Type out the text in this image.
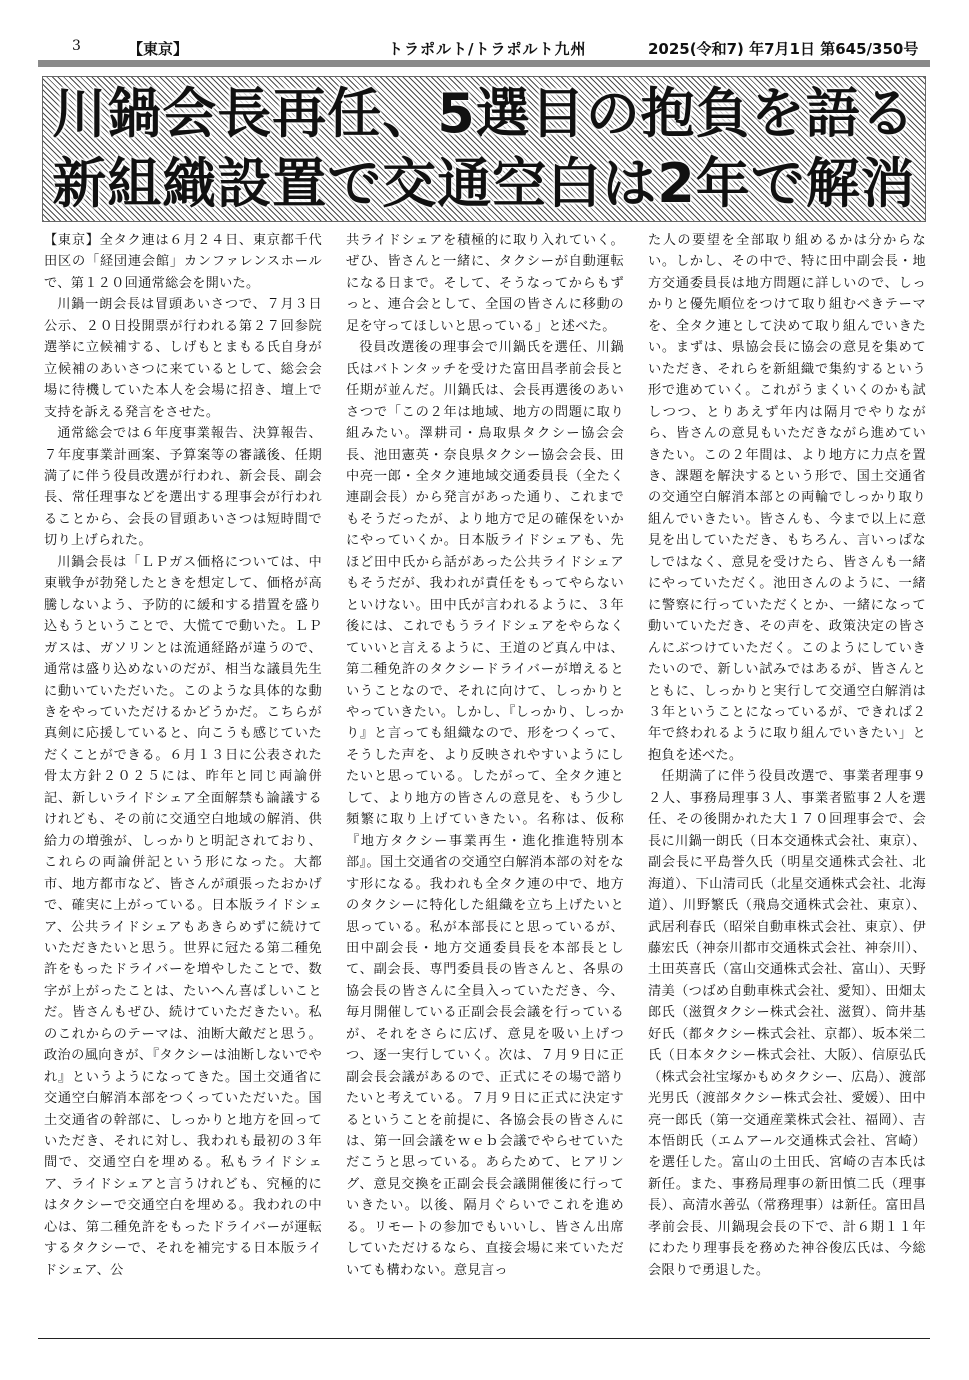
3	【東京】	トラポルト/トラポルト九州	2025(令和7) 年7月1日 第645/350号
川鍋会長再任、5選目の抱負を語る
新組織設置で交通空白は2年で解消

【東京】全タク連は６月２４日、東京都千代田区の「経団連会館」カンファレンスホールで、第１２０回通常総会を開いた。

川鍋一朗会長は冒頭あいさつで、７月３日公示、２０日投開票が行われる第２７回参院選挙に立候補する、しげもとまもる氏自身が立候補のあいさつに来ているとして、総会会場に待機していた本人を会場に招き、壇上で支持を訴える発言をさせた。

通常総会では６年度事業報告、決算報告、７年度事業計画案、予算案等の審議後、任期満了に伴う役員改選が行われ、新会長、副会長、常任理事などを選出する理事会が行われることから、会長の冒頭あいさつは短時間で切り上げられた。

川鍋会長は「ＬＰガス価格については、中東戦争が勃発したときを想定して、価格が高騰しないよう、予防的に緩和する措置を盛り込もうということで、大慌てで動いた。ＬＰガスは、ガソリンとは流通経路が違うので、通常は盛り込めないのだが、相当な議員先生に動いていただいた。このような具体的な動きをやっていただけるかどうかだ。こちらが真剣に応援していると、向こうも感じていただくことができる。６月１３日に公表された骨太方針２０２５には、昨年と同じ両論併記、新しいライドシェア全面解禁も論議するけれども、その前に交通空白地域の解消、供給力の増強が、しっかりと明記されており、これらの両論併記という形になった。大都市、地方都市など、皆さんが頑張ったおかげで、確実に上がっている。日本版ライドシェア、公共ライドシェアもあきらめずに続けていただきたいと思う。世界に冠たる第二種免許をもったドライバーを増やしたことで、数字が上がったことは、たいへん喜ばしいことだ。皆さんもぜひ、続けていただきたい。私のこれからのテーマは、油断大敵だと思う。政治の風向きが、『タクシーは油断しないでやれ』というようになってきた。国土交通省に交通空白解消本部をつくっていただいた。国土交通省の幹部に、しっかりと地方を回っていただき、それに対し、我われも最初の３年間で、交通空白を埋める。私もライドシェア、ライドシェアと言うけれども、究極的にはタクシーで交通空白を埋める。我われの中心は、第二種免許をもったドライバーが運転するタクシーで、それを補完する日本版ライドシェア、公

共ライドシェアを積極的に取り入れていく。ぜひ、皆さんと一緒に、タクシーが自動運転になる日まで。そして、そうなってからもずっと、連合会として、全国の皆さんに移動の足を守ってほしいと思っている」と述べた。

役員改選後の理事会で川鍋氏を選任、川鍋氏はバトンタッチを受けた富田昌孝前会長と任期が並んだ。川鍋氏は、会長再選後のあいさつで「この２年は地域、地方の問題に取り組みたい。澤耕司・鳥取県タクシー協会会長、池田憲英・奈良県タクシー協会会長、田中亮一郎・全タク連地域交通委員長（全たく連副会長）から発言があった通り、これまでもそうだったが、より地方で足の確保をいかにやっていくか。日本版ライドシェアも、先ほど田中氏から話があった公共ライドシェアもそうだが、我われが責任をもってやらないといけない。田中氏が言われるように、３年後には、これでもうライドシェアをやらなくていいと言えるように、王道のど真ん中は、第二種免許のタクシードライバーが増えるということなので、それに向けて、しっかりとやっていきたい。しかし、『しっかり、しっかり』と言っても組織なので、形をつくって、そうした声を、より反映されやすいようにしたいと思っている。したがって、全タク連として、より地方の皆さんの意見を、もう少し頻繁に取り上げていきたい。名称は、仮称『地方タクシー事業再生・進化推進特別本部』。国土交通省の交通空白解消本部の対をなす形になる。我われも全タク連の中で、地方のタクシーに特化した組織を立ち上げたいと思っている。私が本部長にと思っているが、田中副会長・地方交通委員長を本部長として、副会長、専門委員長の皆さんと、各県の協会長の皆さんに全員入っていただき、今、毎月開催している正副会長会議を行っているが、それをさらに広げ、意見を吸い上げつつ、逐一実行していく。次は、７月９日に正副会長会議があるので、正式にその場で諮りたいと考えている。７月９日に正式に決定するということを前提に、各協会長の皆さんには、第一回会議をｗｅｂ会議でやらせていただこうと思っている。あらためて、ヒアリング、意見交換を正副会長会議開催後に行っていきたい。以後、隔月ぐらいでこれを進める。リモートの参加でもいいし、皆さん出席していただけるなら、直接会場に来ていただいても構わない。意見言っ

た人の要望を全部取り組めるかは分からない。しかし、その中で、特に田中副会長・地方交通委員長は地方問題に詳しいので、しっかりと優先順位をつけて取り組むべきテーマを、全タク連として決めて取り組んでいきたい。まずは、県協会長に協会の意見を集めていただき、それらを新組織で集約するという形で進めていく。これがうまくいくのかも試しつつ、とりあえず年内は隔月でやりながら、皆さんの意見もいただきながら進めていきたい。この２年間は、より地方に力点を置き、課題を解決するという形で、国土交通省の交通空白解消本部との両輪でしっかり取り組んでいきたい。皆さんも、今まで以上に意見を出していただき、もちろん、言いっぱなしではなく、意見を受けたら、皆さんも一緒にやっていただく。池田さんのように、一緒に警察に行っていただくとか、一緒になって動いていただき、その声を、政策決定の皆さんにぶつけていただく。このようにしていきたいので、新しい試みではあるが、皆さんとともに、しっかりと実行して交通空白解消は３年ということになっているが、できれば２年で終われるように取り組んでいきたい」と抱負を述べた。

任期満了に伴う役員改選で、事業者理事９２人、事務局理事３人、事業者監事２人を選任、その後開かれた大１７０回理事会で、会長に川鍋一朗氏（日本交通株式会社、東京）、副会長に平島誉久氏（明星交通株式会社、北海道）、下山清司氏（北星交通株式会社、北海道）、川野繁氏（飛鳥交通株式会社、東京）、武居利春氏（昭栄自動車株式会社、東京）、伊藤宏氏（神奈川都市交通株式会社、神奈川）、土田英喜氏（富山交通株式会社、富山）、天野清美（つばめ自動車株式会社、愛知）、田畑太郎氏（滋賀タクシー株式会社、滋賀）、筒井基好氏（都タクシー株式会社、京都）、坂本栄二氏（日本タクシー株式会社、大阪）、信原弘氏（株式会社宝塚かもめタクシー、広島）、渡部光男氏（渡部タクシー株式会社、愛媛）、田中亮一郎氏（第一交通産業株式会社、福岡）、吉本悟朗氏（エムアール交通株式会社、宮崎）を選任した。富山の土田氏、宮崎の吉本氏は新任。また、事務局理事の新田慎二氏（理事長）、高清水善弘（常務理事）は新任。富田昌孝前会長、川鍋現会長の下で、計６期１１年にわたり理事長を務めた神谷俊広氏は、今総会限りで勇退した。
